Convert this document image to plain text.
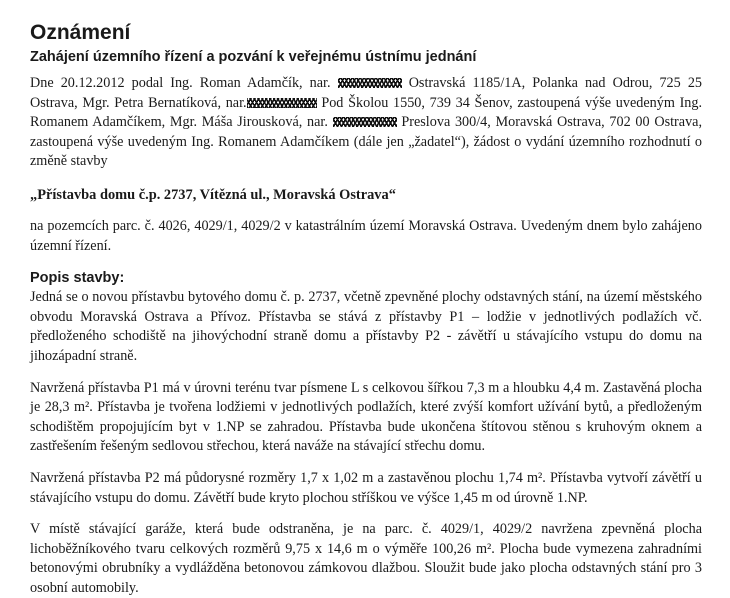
Oznámení
Zahájení územního řízení a pozvání k veřejnému ústnímu jednání

Dne 20.12.2012 podal Ing. Roman Adamčík, nar.	Ostravská 1185/1A, Polanka nad Odrou, 725 25 Ostrava, Mgr. Petra Bernatíková, nar.	Pod Školou 1550, 739 34 Šenov, zastoupená výše uvedeným Ing. Romanem Adamčíkem, Mgr. Máša Jirousková, nar.	Preslova 300/4, Moravská Ostrava, 702 00 Ostrava, zastoupená výše uvedeným Ing. Romanem Adamčíkem (dále jen „žadatel“), žádost o vydání územního rozhodnutí o změně stavby

„Přístavba domu č.p. 2737, Vítězná ul., Moravská Ostrava“

na pozemcích parc. č. 4026, 4029/1, 4029/2 v katastrálním území Moravská Ostrava. Uvedeným dnem bylo zahájeno územní řízení.

Popis stavby:

Jedná se o novou přístavbu bytového domu č. p. 2737, včetně zpevněné plochy odstavných stání, na území městského obvodu Moravská Ostrava a Přívoz. Přístavba se stává z přístavby P1 – lodžie v jednotlivých podlažích vč. předloženého schodiště na jihovýchodní straně domu a přístavby P2 - závětří u stávajícího vstupu do domu na jihozápadní straně.

Navržená přístavba P1 má v úrovni terénu tvar písmene L s celkovou šířkou 7,3 m a hloubku 4,4 m. Zastavěná plocha je 28,3 m². Přístavba je tvořena lodžiemi v jednotlivých podlažích, které zvýší komfort užívání bytů, a předloženým schodištěm propojujícím byt v 1.NP se zahradou. Přístavba bude ukončena štítovou stěnou s kruhovým oknem a zastřešením řešeným sedlovou střechou, která naváže na stávající střechu domu.

Navržená přístavba P2 má půdorysné rozměry 1,7 x 1,02 m a zastavěnou plochu 1,74 m². Přístavba vytvoří závětří u stávajícího vstupu do domu. Závětří bude kryto plochou stříškou ve výšce 1,45 m od úrovně 1.NP.

V místě stávající garáže, která bude odstraněna, je na parc. č. 4029/1, 4029/2 navržena zpevněná plocha lichoběžníkového tvaru celkových rozměrů 9,75 x 14,6 m o výměře 100,26 m². Plocha bude vymezena zahradními betonovými obrubníky a vydlážděna betonovou zámkovou dlažbou. Sloužit bude jako plocha odstavných stání pro 3 osobní automobily.
